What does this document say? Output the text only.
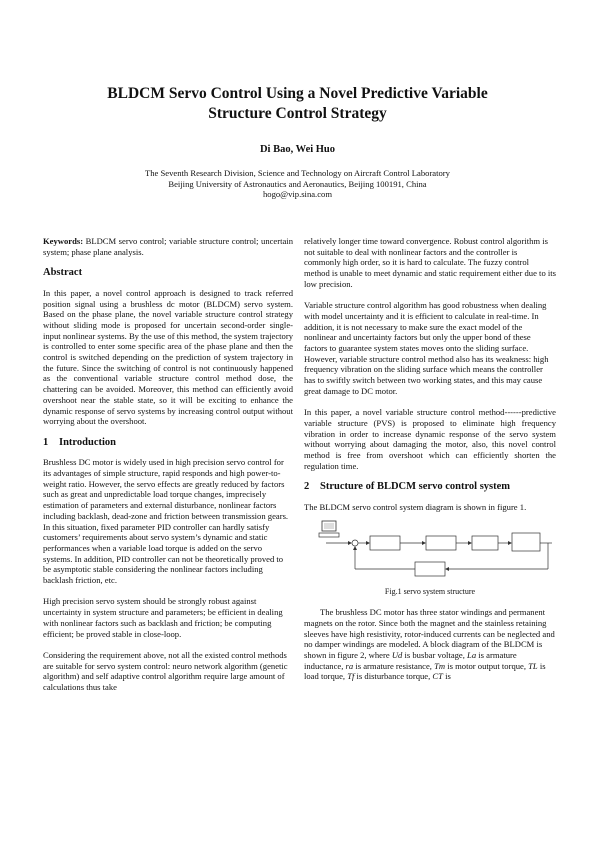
BLDCM Servo Control Using a Novel Predictive Variable
Structure Control Strategy
Di Bao, Wei Huo
The Seventh Research Division, Science and Technology on Aircraft Control Laboratory
Beijing University of Astronautics and Aeronautics, Beijing 100191, China
hogo@vip.sina.com

Keywords: BLDCM servo control; variable structure control; uncertain system; phase plane analysis.

Abstract

In this paper, a novel control approach is designed to track referred position signal using a brushless dc motor (BLDCM) servo system. Based on the phase plane, the novel variable structure control strategy without sliding mode is proposed for uncertain second-order single-input nonlinear systems. By the use of this method, the system trajectory is controlled to enter some specific area of the phase plane and then the control is switched depending on the prediction of system trajectory in the future. Since the switching of control is not continuously happened as the conventional variable structure control method dose, the chattering can be avoided. Moreover, this method can efficiently avoid overshoot near the stable state, so it will be exciting to enhance the dynamic response of servo systems by increasing control output without worrying about the overshoot.

1 Introduction

Brushless DC motor is widely used in high precision servo control for its advantages of simple structure, rapid responds and high power-to-weight ratio. However, the servo effects are greatly reduced by factors such as great and unpredictable load torque changes, imprecisely estimation of parameters and external disturbance, nonlinear factors including backlash, dead-zone and friction between transmission gears. In this situation, fixed parameter PID controller can hardly satisfy customers’ requirements about servo system’s dynamic and static performances when a variable load torque is added on the servo systems. In addition, PID controller can not be theoretically proved to be asymptotic stable considering the nonlinear factors including backlash friction, etc.

High precision servo system should be strongly robust against uncertainty in system structure and parameters; be efficient in dealing with nonlinear factors such as backlash and friction; be computing efficient; be proved stable in close-loop.

Considering the requirement above, not all the existed control methods are suitable for servo system control: neuro network algorithm (genetic algorithm) and self adaptive control algorithm require large amount of calculations thus take

relatively longer time toward convergence. Robust control algorithm is not suitable to deal with nonlinear factors and the controller is commonly high order, so it is hard to calculate. The fuzzy control method is unable to meet dynamic and static requirement either due to its low precision.

Variable structure control algorithm has good robustness when dealing with model uncertainty and it is efficient to calculate in real-time. In addition, it is not necessary to make sure the exact model of the nonlinear and uncertainty factors but only the upper bond of these factors to guarantee system states moves onto the sliding surface. However, variable structure control method also has its weakness: high frequency vibration on the sliding surface which means the controller has to swiftly switch between two working states, and this may cause great damage to DC motor.

In this paper, a novel variable structure control method------predictive variable structure (PVS) is proposed to eliminate high frequency vibration in order to increase dynamic response of the servo system without worrying about damaging the motor, also, this novel control method is free from overshoot which can efficiently shorten the regulation time.

2 Structure of BLDCM servo control system

The BLDCM servo control system diagram is shown in figure 1.

Fig.1 servo system structure

The brushless DC motor has three stator windings and permanent magnets on the rotor. Since both the magnet and the stainless retaining sleeves have high resistivity, rotor-induced currents can be neglected and no damper windings are modeled. A block diagram of the BLDCM is shown in figure 2, where Ud is busbar voltage, La is armature inductance, ra is armature resistance, Tm is motor output torque, TL is load torque, Tf is disturbance torque, CT is
